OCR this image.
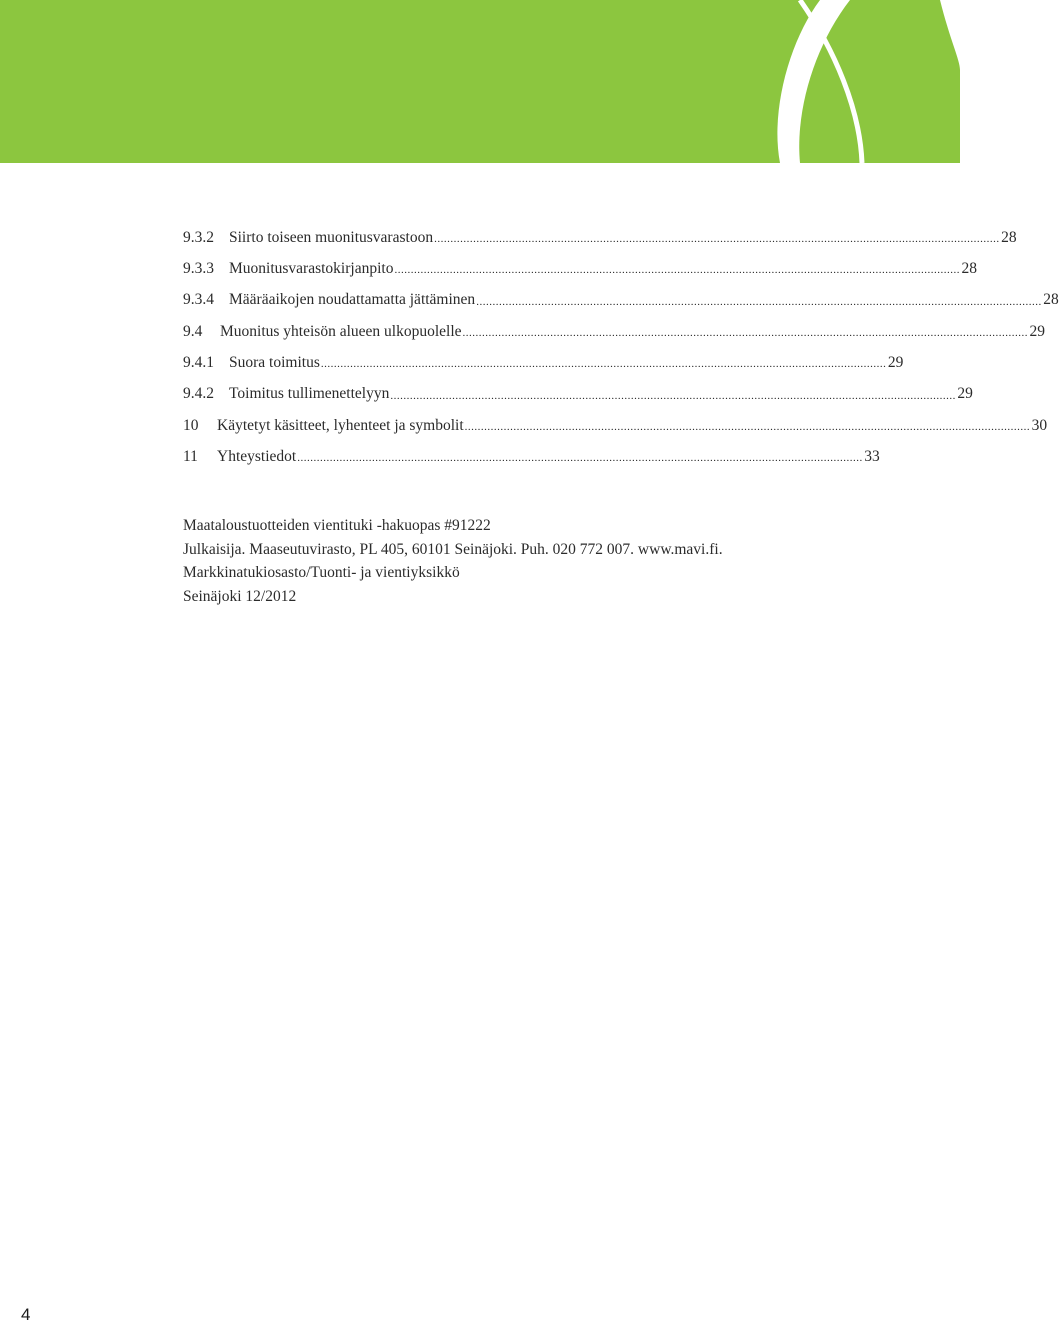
9.3.2 Siirto toiseen muonitusvarastoon .............................................................................................................................................................................. 28
9.3.3 Muonitusvarastokirjanpito .............................................................................................................................................................................. 28
9.3.4 Määräaikojen noudattamatta jättäminen .............................................................................................................................................................................. 28
9.4	Muonitus yhteisön alueen ulkopuolelle .............................................................................................................................................................................. 29
9.4.1 Suora toimitus .............................................................................................................................................................................. 29
9.4.2 Toimitus tullimenettelyyn .............................................................................................................................................................................. 29
10	Käytetyt käsitteet, lyhenteet ja symbolit .............................................................................................................................................................................. 30
11	Yhteystiedot .............................................................................................................................................................................. 33
Maataloustuotteiden vientituki -hakuopas #91222
Julkaisija. Maaseutuvirasto, PL 405, 60101 Seinäjoki. Puh. 020 772 007. www.mavi.fi.
Markkinatukiosasto/Tuonti- ja vientiyksikkö
Seinäjoki 12/2012
4
